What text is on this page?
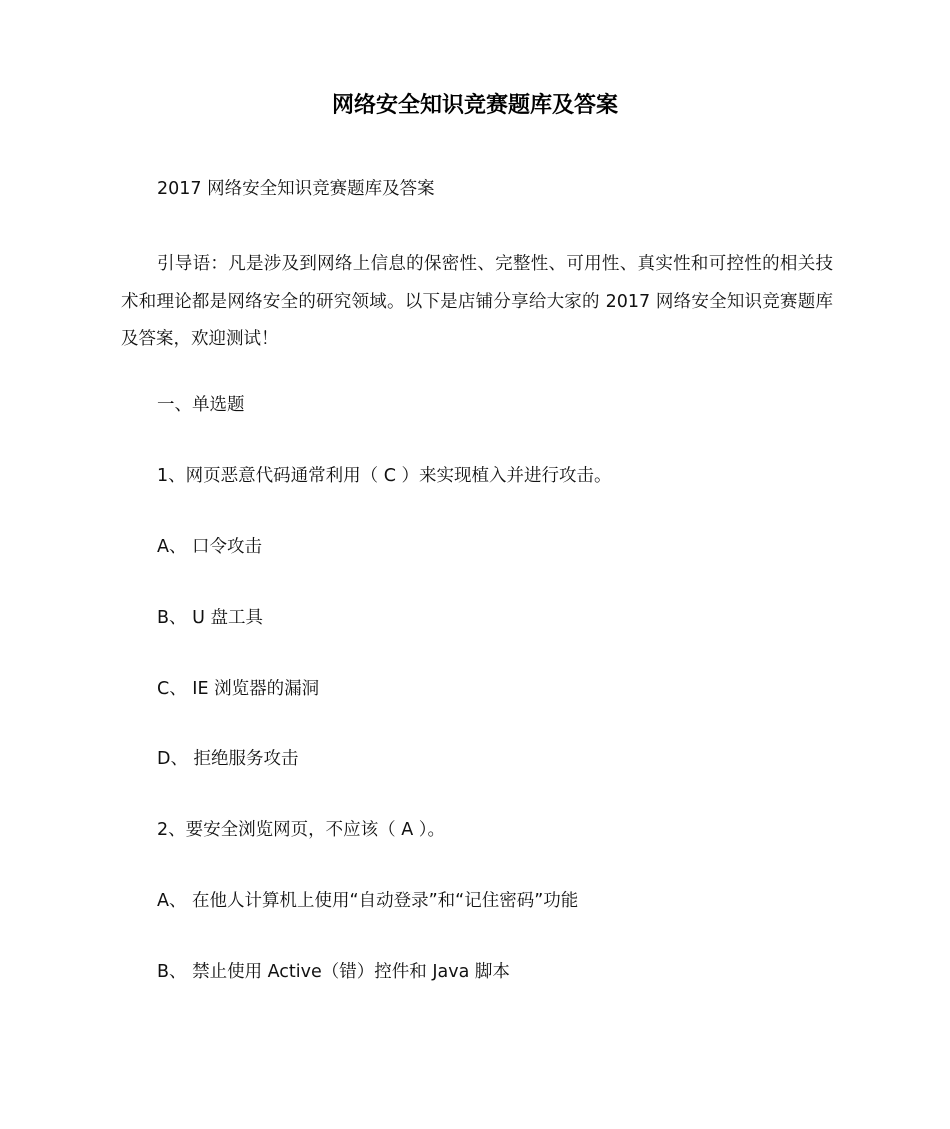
网络安全知识竞赛题库及答案

2017 网络安全知识竞赛题库及答案

引导语：凡是涉及到网络上信息的保密性、完整性、可用性、真实性和可控性的相关技术和理论都是网络安全的研究领域。以下是店铺分享给大家的 2017 网络安全知识竞赛题库及答案，欢迎测试！

一、单选题

1、网页恶意代码通常利用（ C ）来实现植入并进行攻击。

A、 口令攻击

B、 U 盘工具

C、 IE 浏览器的漏洞

D、 拒绝服务攻击

2、要安全浏览网页，不应该（ A ）。

A、 在他人计算机上使用“自动登录”和“记住密码”功能

B、 禁止使用 Active（错）控件和 Java 脚本
